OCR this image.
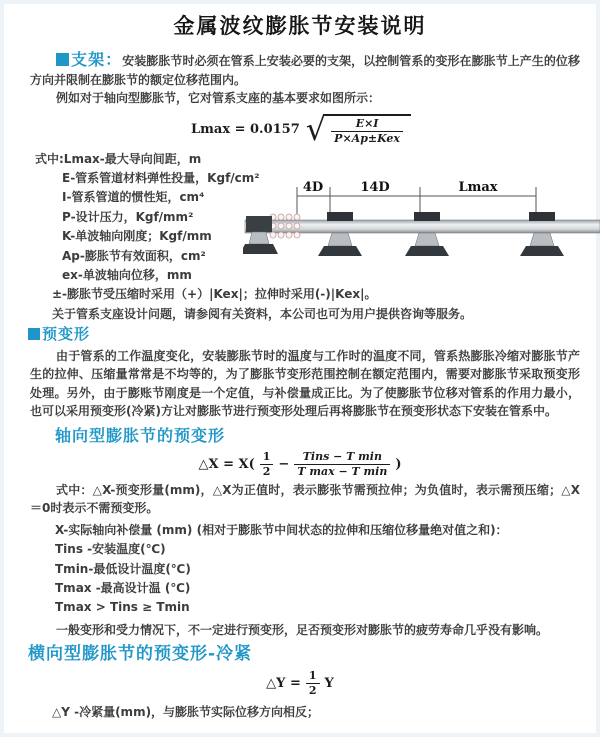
金属波纹膨胀节安装说明

支架：安装膨胀节时必须在管系上安装必要的支架，以控制管系的变形在膨胀节上产生的位移方向并限制在膨胀节的额定位移范围内。

例如对于轴向型膨胀节，它对管系支座的基本要求如图所示：

Lmax = 0.0157 √ $\frac{E\times I}{\text{P×Ap±Kex}}$
式中:Lmax-最大导向间距，m
E-管系管道材料弹性投量，Kgf/cm²
I-管系管道的惯性矩，cm⁴
P-设计压力，Kgf/mm²
K-单波轴向刚度；Kgf/mm
Ap-膨胀节有效面积，cm²
ex-单波轴向位移，mm
±-膨胀节受压缩时采用（+）|Kex|；拉伸时采用(-)|Kex|。
关于管系支座设计问题，请参阅有关资料，本公司也可为用户提供咨询等服务。
4D	14D	Lmax
预变形

由于管系的工作温度变化，安装膨胀节时的温度与工作时的温度不同，管系热膨胀冷缩对膨胀节产生的拉伸、压缩量常常是不均等的，为了膨胀节变形范围控制在额定范围内，需要对膨胀节采取预变形处理。另外，由于膨账节刚度是一个定值，与补偿量成正比。为了使膨胀节位移对管系的作用力最小，也可以采用预变形(冷紧)方让对膨胀节进行预变形处理后再将膨胀节在预变形状态下安装在管系中。

轴向型膨胀节的预变形
△X = $X( \frac{1}{2} - \frac{\text{Tins − T min}}{\text{T max − T min}}$ )

式中：△X-预变形量(mm)，△X为正值时，表示膨张节需预拉伸；为负值时，表示需预压缩；△X＝0时表示不需预变形。

X-实际轴向补偿量 (mm) (相对于膨胀节中间状态的拉伸和压缩位移量绝对值之和)：
Tins -安装温度(℃)
Tmin-最低设计温度(℃)
Tmax -最高设计温 (℃)
Tmax > Tins ≥ Tmin

一般变形和受力情况下，不一定进行预变形，足否预变形对膨胀节的疲劳寿命几乎没有影响。

横向型膨胀节的预变形-冷紧
△Y = $\frac{1}{2}$ Y

△Y -冷紧量(mm)，与膨胀节实际位移方向相反；
